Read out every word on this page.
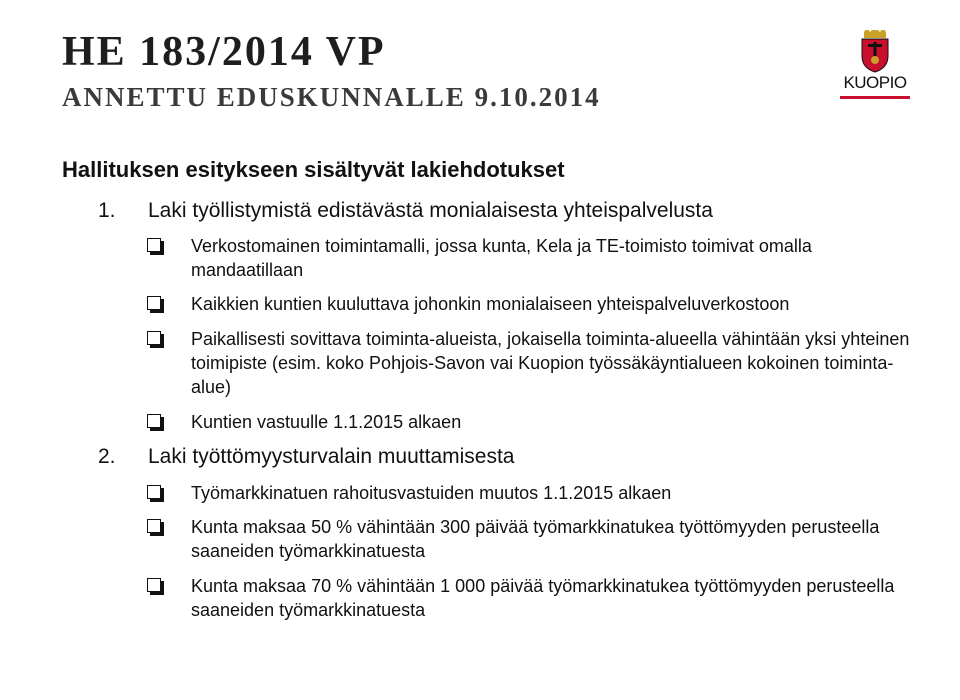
HE 183/2014 VP
ANNETTU EDUSKUNNALLE 9.10.2014	KUOPIO
Hallituksen esitykseen sisältyvät lakiehdotukset
1. Laki työllistymistä edistävästä monialaisesta yhteispalvelusta
Verkostomainen toimintamalli, jossa kunta, Kela ja TE-toimisto toimivat omalla mandaatillaan
Kaikkien kuntien kuuluttava johonkin monialaiseen yhteispalveluverkostoon
Paikallisesti sovittava toiminta-alueista, jokaisella toiminta-alueella vähintään yksi yhteinen toimipiste (esim. koko Pohjois-Savon vai Kuopion työssäkäyntialueen kokoinen toiminta-alue)
Kuntien vastuulle 1.1.2015 alkaen
2. Laki työttömyysturvalain muuttamisesta
Työmarkkinatuen rahoitusvastuiden muutos 1.1.2015 alkaen
Kunta maksaa 50 % vähintään 300 päivää työmarkkinatukea työttömyyden perusteella saaneiden työmarkkinatuesta
Kunta maksaa 70 % vähintään 1 000 päivää työmarkkinatukea työttömyyden perusteella saaneiden työmarkkinatuesta
